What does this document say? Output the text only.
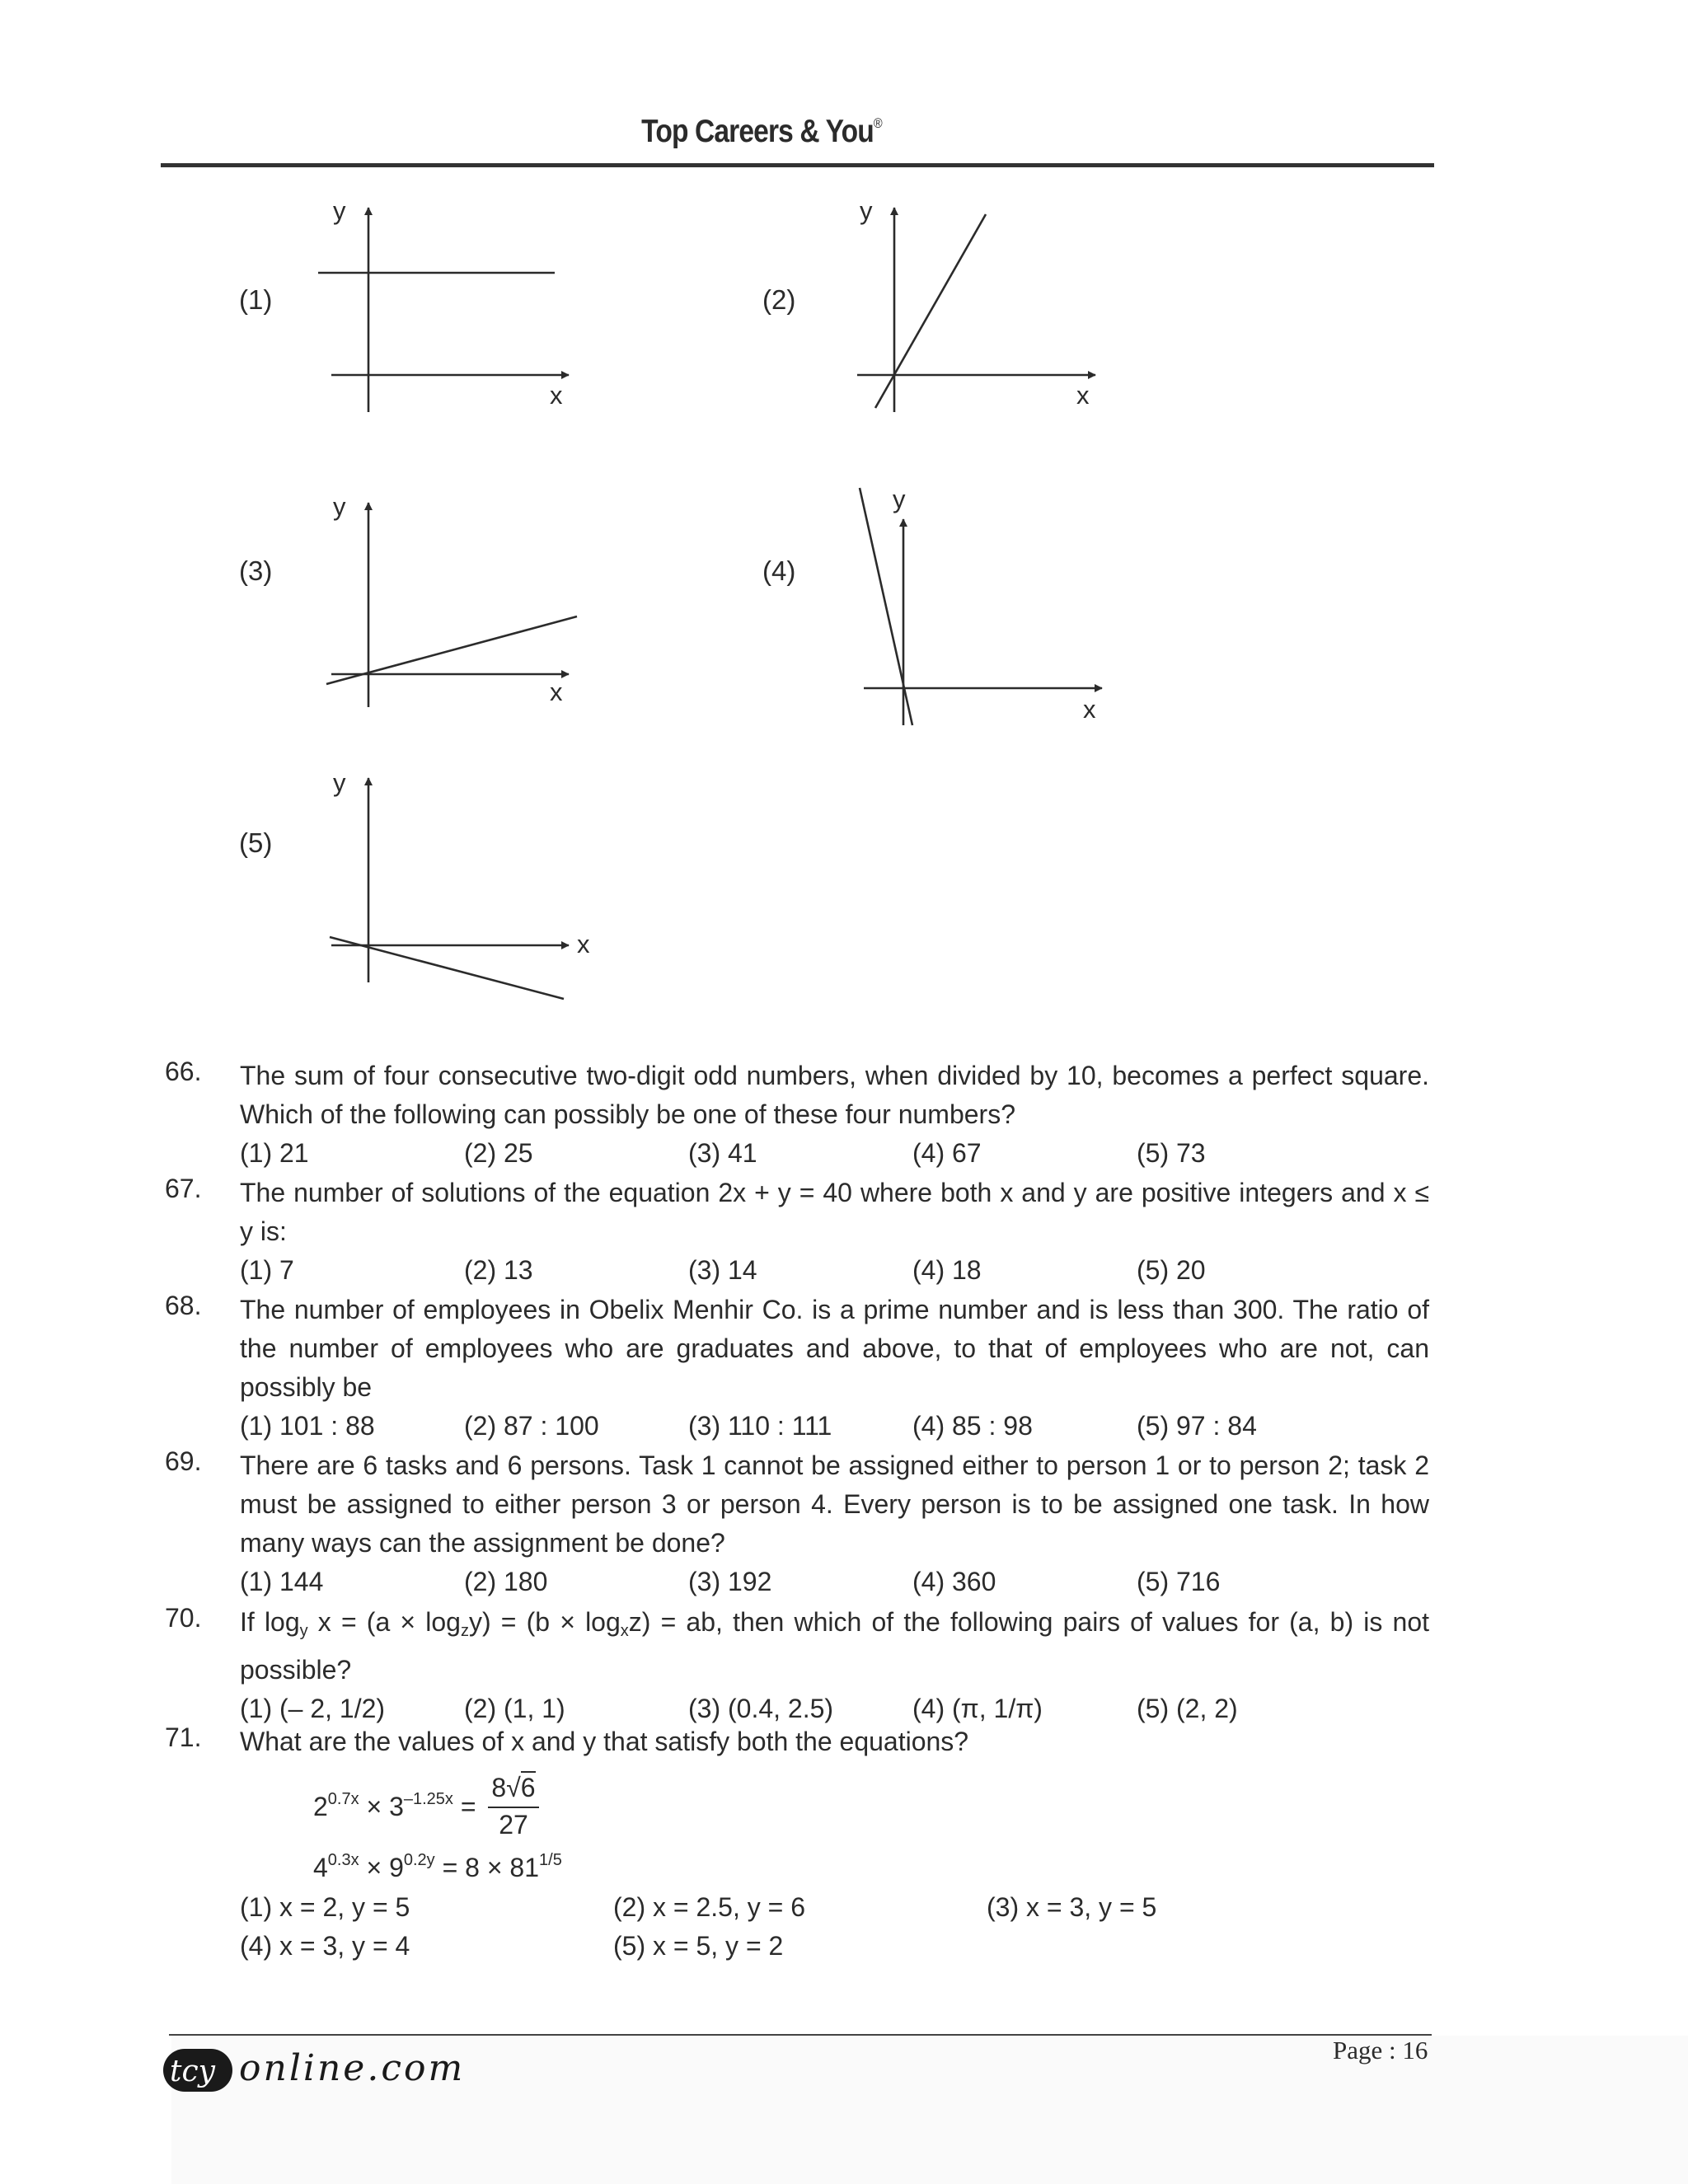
Top Careers & You®
(1)	(2)
(3)	(4)
(5)
y
x
y
x
y
x
y
x
y
x
66. The sum of four consecutive two-digit odd numbers, when divided by 10, becomes a perfect square. Which of the following can possibly be one of these four numbers?
(1) 21	(2) 25	(3) 41	(4) 67	(5) 73
67. The number of solutions of the equation 2x + y = 40 where both x and y are positive integers and x ≤ y is:
(1) 7	(2) 13	(3) 14	(4) 18	(5) 20
68. The number of employees in Obelix Menhir Co. is a prime number and is less than 300. The ratio of the number of employees who are graduates and above, to that of employees who are not, can possibly be
(1) 101 : 88	(2) 87 : 100	(3) 110 : 111	(4) 85 : 98	(5) 97 : 84
69. There are 6 tasks and 6 persons. Task 1 cannot be assigned either to person 1 or to person 2; task 2 must be assigned to either person 3 or person 4. Every person is to be assigned one task. In how many ways can the assignment be done?
(1) 144	(2) 180	(3) 192	(4) 360	(5) 716
70. If $\log_y x = (a \times \log_zy) = (b \times \log_xz)$ = ab, then which of the following pairs of values for (a, b) is not possible?
(1) (– 2, 1/2)	(2) (1, 1)	(3) (0.4, 2.5)	(4) (π, 1/π)	(5) (2, 2)
71. What are the values of x and y that satisfy both the equations?
$2^{0.7x} \times 3^{-1.25x}$ =
8√6
27
$4^{0.3x} \times 9^{0.2y} = 8 \times 81^{1/5}$
(1) x = 2, y = 5	(2) x = 2.5, y = 6	(3) x = 3, y = 5
(4) x = 3, y = 4	(5) x = 5, y = 2
tcy online.com	Page : 16
